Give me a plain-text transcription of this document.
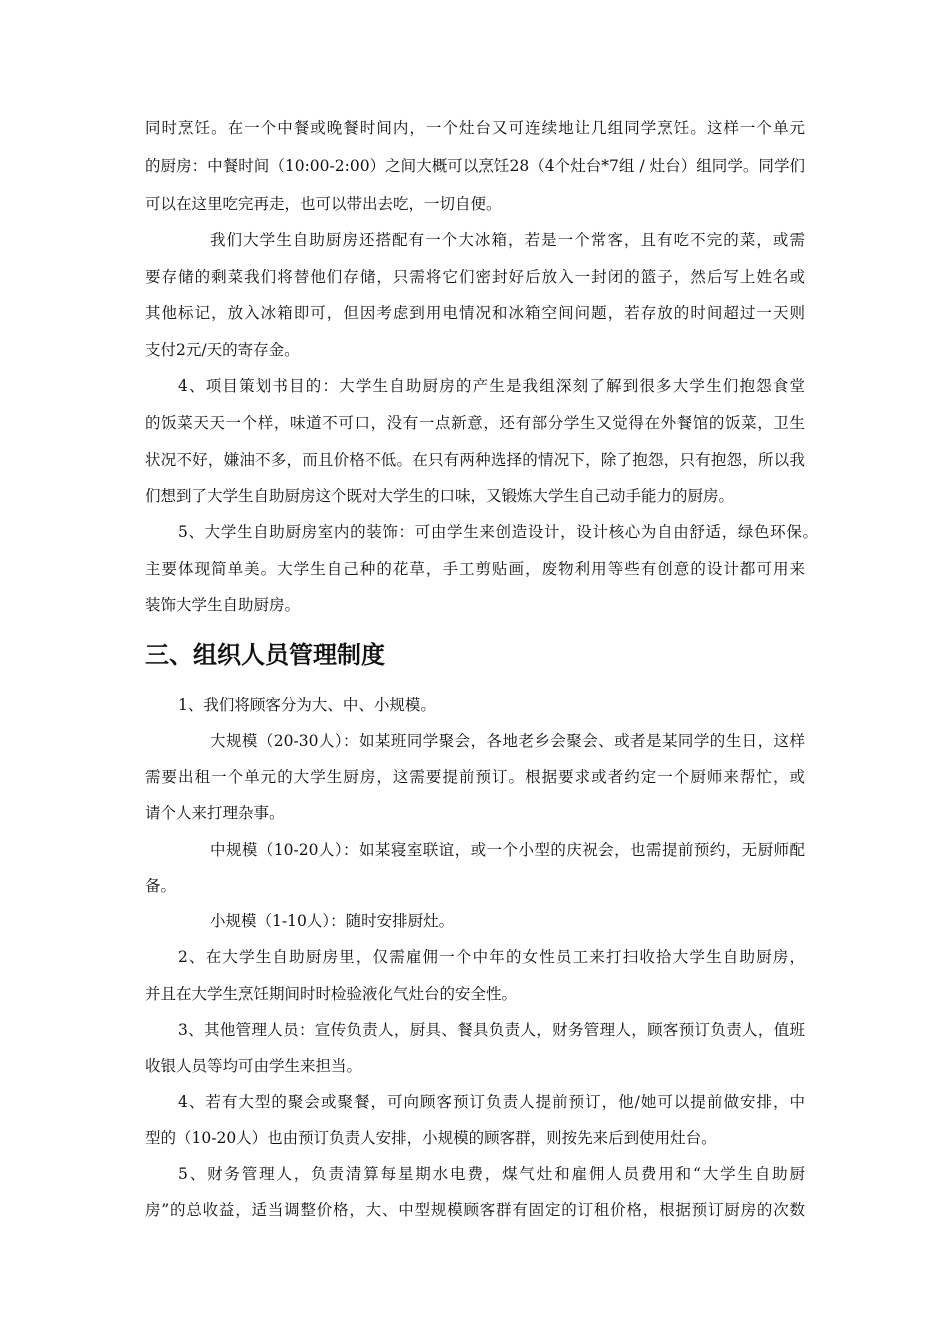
同时烹饪。在一个中餐或晚餐时间内，一个灶台又可连续地让几组同学烹饪。这样一个单元
的厨房：中餐时间（10:00-2:00）之间大概可以烹饪28（4个灶台*7组 / 灶台）组同学。同学们
可以在这里吃完再走，也可以带出去吃，一切自便。
我们大学生自助厨房还搭配有一个大冰箱，若是一个常客，且有吃不完的菜，或需
要存储的剩菜我们将替他们存储，只需将它们密封好后放入一封闭的篮子，然后写上姓名或
其他标记，放入冰箱即可，但因考虑到用电情况和冰箱空间问题，若存放的时间超过一天则
支付2元/天的寄存金。
4、项目策划书目的：大学生自助厨房的产生是我组深刻了解到很多大学生们抱怨食堂
的饭菜天天一个样，味道不可口，没有一点新意，还有部分学生又觉得在外餐馆的饭菜，卫生
状况不好，嫌油不多，而且价格不低。在只有两种选择的情况下，除了抱怨，只有抱怨，所以我
们想到了大学生自助厨房这个既对大学生的口味，又锻炼大学生自己动手能力的厨房。
5、大学生自助厨房室内的装饰：可由学生来创造设计，设计核心为自由舒适，绿色环保。
主要体现简单美。大学生自己种的花草，手工剪贴画，废物利用等些有创意的设计都可用来
装饰大学生自助厨房。
三、组织人员管理制度
1、我们将顾客分为大、中、小规模。
大规模（20-30人）：如某班同学聚会，各地老乡会聚会、或者是某同学的生日，这样
需要出租一个单元的大学生厨房，这需要提前预订。根据要求或者约定一个厨师来帮忙，或
请个人来打理杂事。
中规模（10-20人）：如某寝室联谊，或一个小型的庆祝会，也需提前预约，无厨师配
备。
小规模（1-10人）：随时安排厨灶。
2、在大学生自助厨房里，仅需雇佣一个中年的女性员工来打扫收拾大学生自助厨房，
并且在大学生烹饪期间时时检验液化气灶台的安全性。
3、其他管理人员：宣传负责人，厨具、餐具负责人，财务管理人，顾客预订负责人，值班
收银人员等均可由学生来担当。
4、若有大型的聚会或聚餐，可向顾客预订负责人提前预订，他/她可以提前做安排，中
型的（10-20人）也由预订负责人安排，小规模的顾客群，则按先来后到使用灶台。
5、财务管理人，负责清算每星期水电费，煤气灶和雇佣人员费用和“大学生自助厨
房”的总收益，适当调整价格，大、中型规模顾客群有固定的订租价格，根据预订厨房的次数
